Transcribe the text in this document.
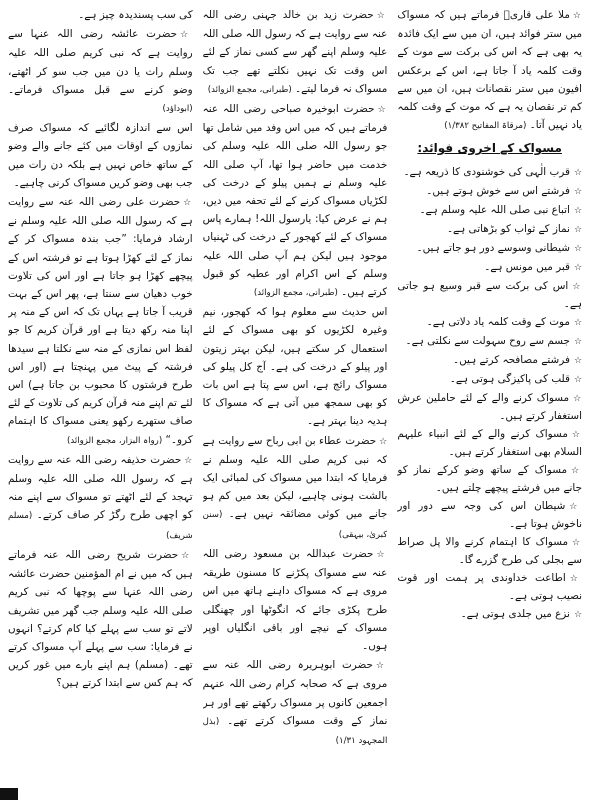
کی سب پسندیدہ چیز ہے۔

☆حضرت عائشہ رضی اللہ عنہا سے روایت ہے کہ نبی کریم صلی اللہ علیہ وسلم رات یا دن میں جب سو کر اٹھتے، وضو کرنے سے قبل مسواک فرماتے۔ (ابوداؤد)

اس سے اندازہ لگائیے کہ مسواک صرف نمازوں کے اوقات میں کئے جانے والے وضو کے ساتھ خاص نہیں ہے بلکہ دن رات میں جب بھی وضو کریں مسواک کرنی چاہیے۔

☆حضرت علی رضی اللہ عنہ سے روایت ہے کہ رسول اللہ صلی اللہ علیہ وسلم نے ارشاد فرمایا: ”جب بندہ مسواک کر کے نماز کے لئے کھڑا ہوتا ہے تو فرشتہ اس کے پیچھے کھڑا ہو جاتا ہے اور اس کی تلاوت خوب دھیان سے سنتا ہے، پھر اس کے بہت قریب آ جاتا ہے یہاں تک کہ اس کے منہ پر اپنا منہ رکھ دیتا ہے اور قرآن کریم کا جو لفظ اس نمازی کے منہ سے نکلتا ہے سیدھا فرشتہ کے پیٹ میں پہنچتا ہے (اور اس طرح فرشتوں کا محبوب بن جاتا ہے) اس لئے تم اپنے منہ قرآن کریم کی تلاوت کے لئے صاف ستھرے رکھو یعنی مسواک کا اہتمام کرو۔“ (رواہ البزار، مجمع الزوائد)

☆حضرت حذیفہ رضی اللہ عنہ سے روایت ہے کہ رسول اللہ صلی اللہ علیہ وسلم تہجد کے لئے اٹھتے تو مسواک سے اپنے منہ کو اچھی طرح رگڑ کر صاف کرتے۔ (مسلم شریف)

☆حضرت شریح رضی اللہ عنہ فرماتے ہیں کہ میں نے ام المؤمنین حضرت عائشہ رضی اللہ عنہا سے پوچھا کہ نبی کریم صلی اللہ علیہ وسلم جب گھر میں تشریف لاتے تو سب سے پہلے کیا کام کرتے؟ انہوں نے فرمایا: سب سے پہلے آپ مسواک کرتے تھے۔ (مسلم) ہم اپنے بارے میں غور کریں کہ ہم کس سے ابتدا کرتے ہیں؟

☆حضرت زید بن خالد جہنی رضی اللہ عنہ سے روایت ہے کہ رسول اللہ صلی اللہ علیہ وسلم اپنے گھر سے کسی نماز کے لئے اس وقت تک نہیں نکلتے تھے جب تک مسواک نہ فرما لیتے۔ (طبرانی، مجمع الزوائد)

☆حضرت ابوخیرہ صباحی رضی اللہ عنہ فرماتے ہیں کہ میں اس وفد میں شامل تھا جو رسول اللہ صلی اللہ علیہ وسلم کی خدمت میں حاضر ہوا تھا، آپ صلی اللہ علیہ وسلم نے ہمیں پیلو کے درخت کی لکڑیاں مسواک کرنے کے لئے تحفہ میں دیں، ہم نے عرض کیا: یارسول اللہ! ہمارے پاس مسواک کے لئے کھجور کے درخت کی ٹہنیاں موجود ہیں لیکن ہم آپ صلی اللہ علیہ وسلم کے اس اکرام اور عطیہ کو قبول کرتے ہیں۔ (طبرانی، مجمع الزوائد)

اس حدیث سے معلوم ہوا کہ کھجور، نیم وغیرہ لکڑیوں کو بھی مسواک کے لئے استعمال کر سکتے ہیں، لیکن بہتر زیتون اور پیلو کے درخت کی ہے۔ آج کل پیلو کی مسواک رائج ہے، اس سے پتا ہے اس بات کو بھی سمجھ میں آتی ہے کہ مسواک کا ہدیہ دینا بہتر ہے۔

☆حضرت عطاء بن ابی رباح سے روایت ہے کہ نبی کریم صلی اللہ علیہ وسلم نے فرمایا کہ ابتدا میں مسواک کی لمبائی ایک بالشت ہونی چاہیے، لیکن بعد میں کم ہو جانے میں کوئی مضائقہ نہیں ہے۔ (سنن کبریٰ، بیہقی)

☆حضرت عبداللہ بن مسعود رضی اللہ عنہ سے مسواک پکڑنے کا مسنون طریقہ مروی ہے کہ مسواک داہنے ہاتھ میں اس طرح پکڑی جائے کہ انگوٹھا اور چھنگلی مسواک کے نیچے اور باقی انگلیاں اوپر ہوں۔

☆حضرت ابوہریرہ رضی اللہ عنہ سے مروی ہے کہ صحابہ کرام رضی اللہ عنہم اجمعین کانوں پر مسواک رکھتے تھے اور ہر نماز کے وقت مسواک کرتے تھے۔ (بذل المجہود ۱/۳۱)

☆ملا علی قاریؒ فرماتے ہیں کہ مسواک میں ستر فوائد ہیں، ان میں سے ایک فائدہ یہ بھی ہے کہ اس کی برکت سے موت کے وقت کلمہ یاد آ جاتا ہے، اس کے برعکس افیون میں ستر نقصانات ہیں، ان میں سے کم تر نقصان یہ ہے کہ موت کے وقت کلمہ یاد نہیں آتا۔ (مرقاۃ المفاتیح ۱/۳۸۲)

مسواک کے اخروی فوائد:

☆قرب الٰہی کی خوشنودی کا ذریعہ ہے۔

☆فرشتے اس سے خوش ہوتے ہیں۔

☆اتباع نبی صلی اللہ علیہ وسلم ہے۔

☆نماز کے ثواب کو بڑھاتی ہے۔

☆شیطانی وسوسے دور ہو جاتے ہیں۔

☆قبر میں مونس ہے۔

☆اس کی برکت سے قبر وسیع ہو جاتی ہے۔

☆موت کے وقت کلمہ یاد دلاتی ہے۔

☆جسم سے روح سہولت سے نکلتی ہے۔

☆فرشتے مصافحہ کرتے ہیں۔

☆قلب کی پاکیزگی ہوتی ہے۔

☆مسواک کرنے والے کے لئے حاملین عرش استغفار کرتے ہیں۔

☆مسواک کرنے والے کے لئے انبیاء علیہم السلام بھی استغفار کرتے ہیں۔

☆مسواک کے ساتھ وضو کرکے نماز کو جانے میں فرشتے پیچھے چلتے ہیں۔

☆شیطان اس کی وجہ سے دور اور ناخوش ہوتا ہے۔

☆مسواک کا اہتمام کرنے والا پل صراط سے بجلی کی طرح گزرے گا۔

☆اطاعت خداوندی پر ہمت اور قوت نصیب ہوتی ہے۔

☆نزع میں جلدی ہوتی ہے۔
